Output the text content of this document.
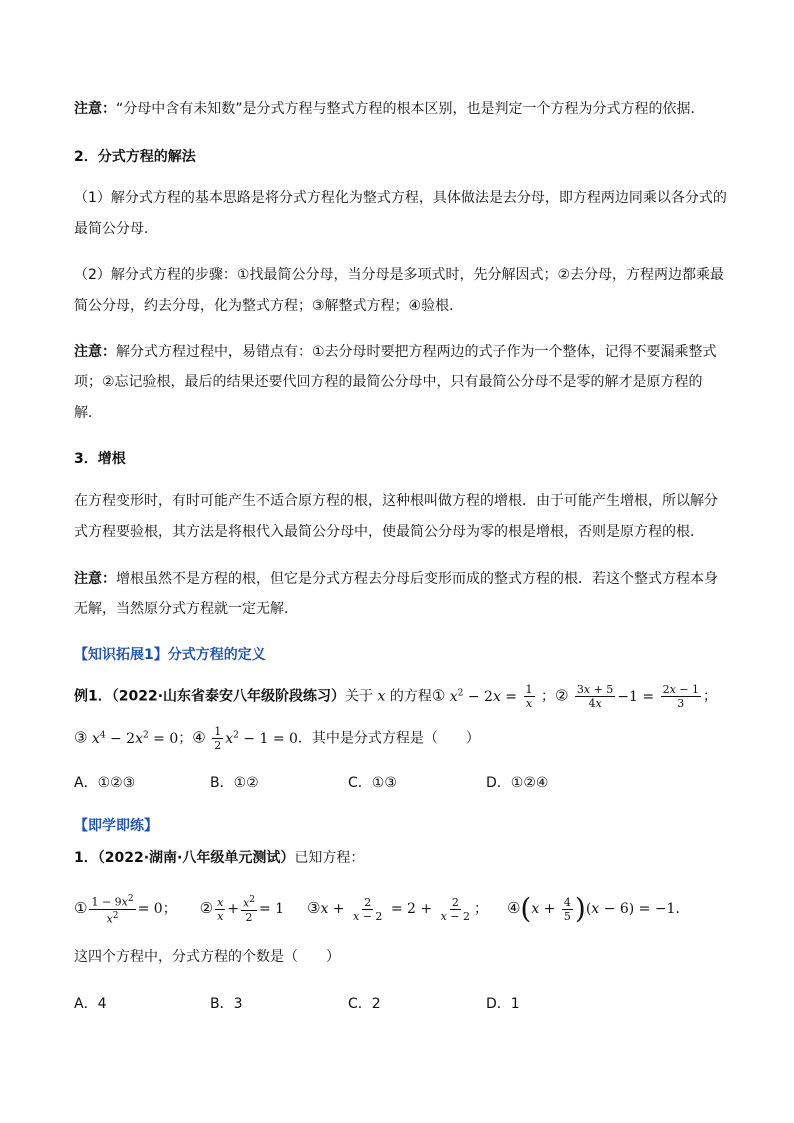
注意：“分母中含有未知数”是分式方程与整式方程的根本区别，也是判定一个方程为分式方程的依据．
2．分式方程的解法
（1）解分式方程的基本思路是将分式方程化为整式方程，具体做法是去分母，即方程两边同乘以各分式的
最简公分母．
（2）解分式方程的步骤：①找最简公分母，当分母是多项式时，先分解因式；②去分母，方程两边都乘最
简公分母，约去分母，化为整式方程；③解整式方程；④验根．
注意：解分式方程过程中，易错点有：①去分母时要把方程两边的式子作为一个整体，记得不要漏乘整式
项；②忘记验根，最后的结果还要代回方程的最简公分母中，只有最简公分母不是零的解才是原方程的
解．
3．增根
在方程变形时，有时可能产生不适合原方程的根，这种根叫做方程的增根．由于可能产生增根，所以解分
式方程要验根，其方法是将根代入最简公分母中，使最简公分母为零的根是增根，否则是原方程的根．
注意：增根虽然不是方程的根，但它是分式方程去分母后变形而成的整式方程的根．若这个整式方程本身
无解，当然原分式方程就一定无解．
【知识拓展1】分式方程的定义
例1．（2022·山东省泰安八年级阶段练习）关于 x 的方程① $x^2 - 2x = \frac{1}{x}$ ；② $\frac{3x + 5}{4x} -1 = \frac{2x - 1}{3}$ ；
③ $x^4 - 2x^2 = 0$；④ $\frac{1}{2} x^2 - 1 = 0$．其中是分式方程是（　　）
A．①②③	B．①②	C．①③	D．①②④
【即学即练】
1．（2022·湖南·八年级单元测试）已知方程：
① $\frac{1 - 9x^2}{x^2} = 0$； ② $\frac{x}{x} + \frac{x^2}{2} = 1$ ③x + $\frac{2}{x - 2} = 2 + \frac{2}{x - 2}$ ； ④(x + $\frac{4}{5} )(x - 6) = -1$．
这四个方程中，分式方程的个数是（　　）
A．4	B．3	C．2	D．1
